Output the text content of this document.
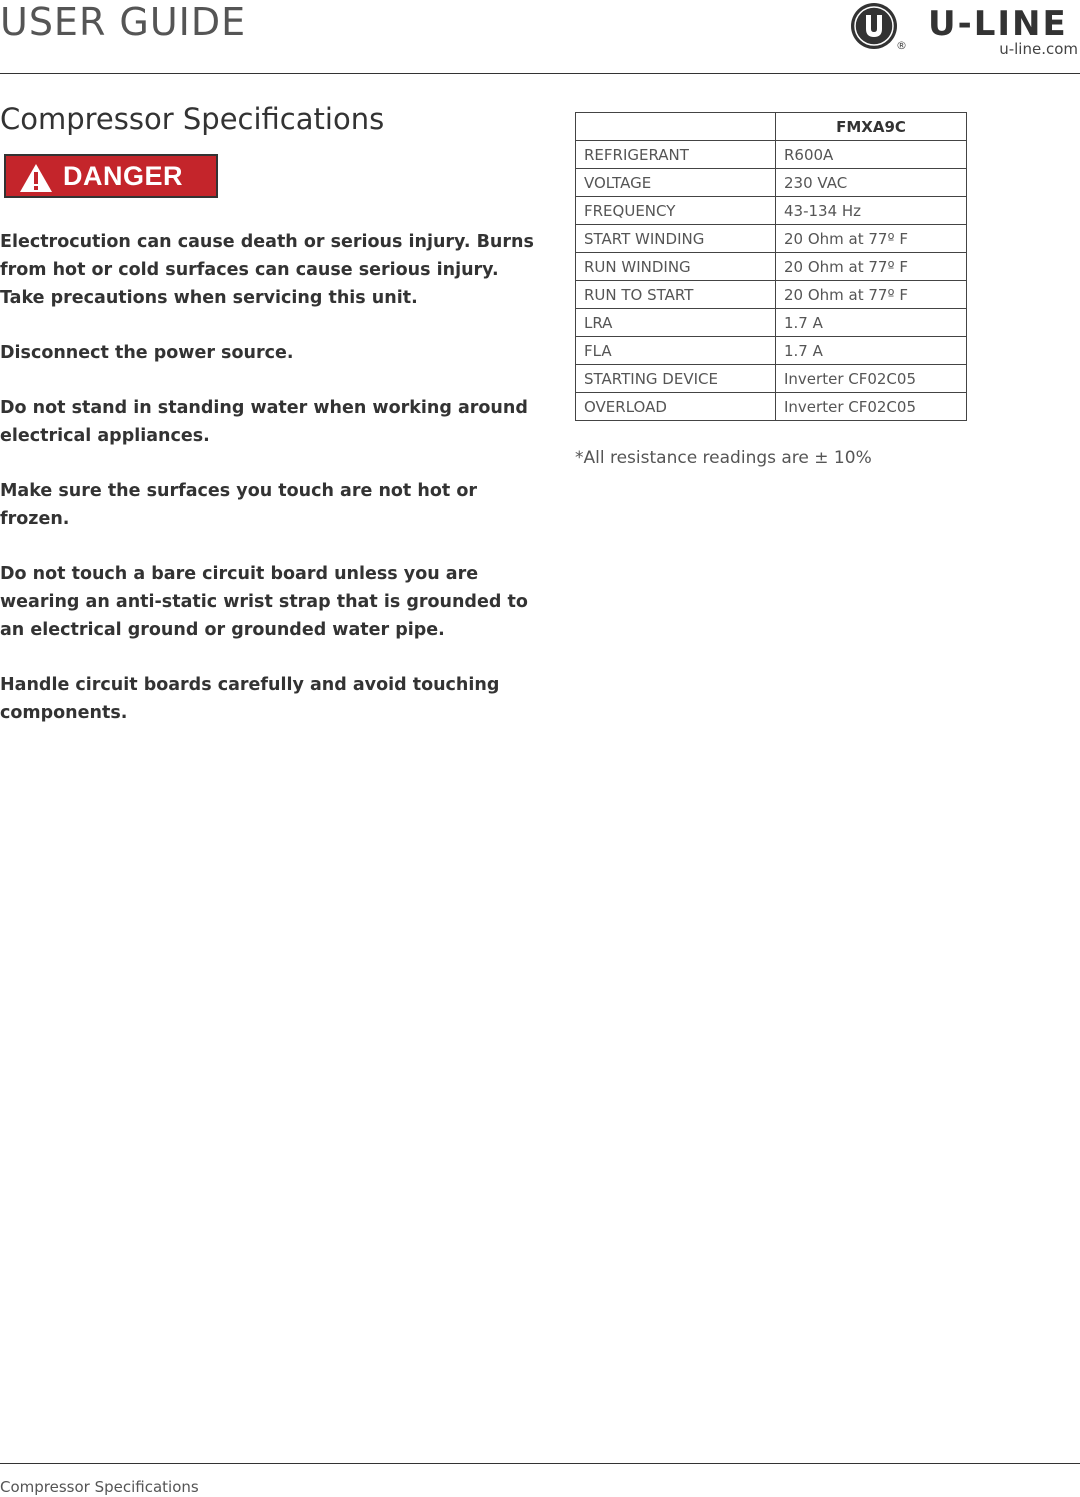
USER GUIDE
®
U-LINE
u-line.com
Compressor Specifications
DANGER

Electrocution can cause death or serious injury. Burns from hot or cold surfaces can cause serious injury. Take precautions when servicing this unit.

Disconnect the power source.

Do not stand in standing water when working around electrical appliances.

Make sure the surfaces you touch are not hot or frozen.

Do not touch a bare circuit board unless you are wearing an anti-static wrist strap that is grounded to an electrical ground or grounded water pipe.

Handle circuit boards carefully and avoid touching components.

	FMXA9C
REFRIGERANT	R600A
VOLTAGE	230 VAC
FREQUENCY	43-134 Hz
START WINDING	20 Ohm at 77º F
RUN WINDING	20 Ohm at 77º F
RUN TO START	20 Ohm at 77º F
LRA	1.7 A
FLA	1.7 A
STARTING DEVICE	Inverter CF02C05
OVERLOAD	Inverter CF02C05

*All resistance readings are ± 10%

Compressor Specifications
